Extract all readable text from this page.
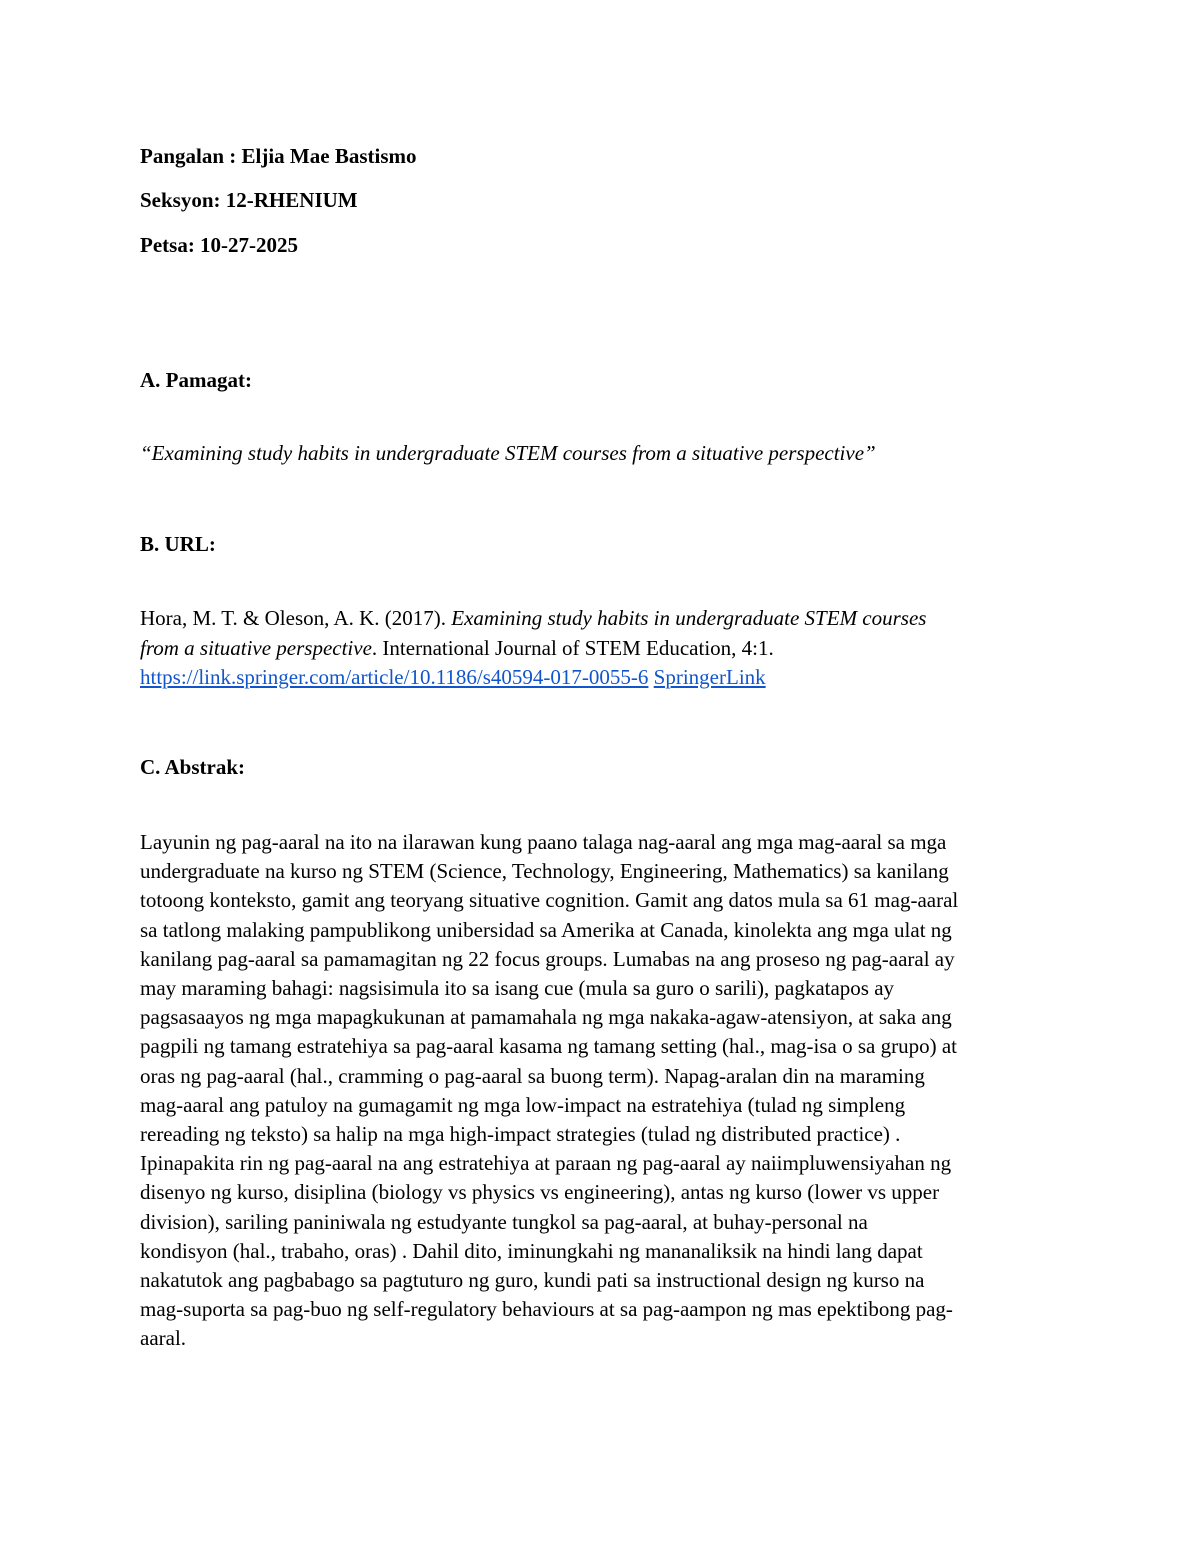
Pangalan : Eljia Mae Bastismo
Seksyon: 12-RHENIUM
Petsa: 10-27-2025
A. Pamagat:
“Examining study habits in undergraduate STEM courses from a situative perspective”
B. URL:
Hora, M. T. & Oleson, A. K. (2017). Examining study habits in undergraduate STEM courses
from a situative perspective. International Journal of STEM Education, 4:1.
https://link.springer.com/article/10.1186/s40594-017-0055-6 SpringerLink
C. Abstrak:
Layunin ng pag-aaral na ito na ilarawan kung paano talaga nag-aaral ang mga mag-aaral sa mga
undergraduate na kurso ng STEM (Science, Technology, Engineering, Mathematics) sa kanilang
totoong konteksto, gamit ang teoryang situative cognition. Gamit ang datos mula sa 61 mag-aaral
sa tatlong malaking pampublikong unibersidad sa Amerika at Canada, kinolekta ang mga ulat ng
kanilang pag-aaral sa pamamagitan ng 22 focus groups. Lumabas na ang proseso ng pag-aaral ay
may maraming bahagi: nagsisimula ito sa isang cue (mula sa guro o sarili), pagkatapos ay
pagsasaayos ng mga mapagkukunan at pamamahala ng mga nakaka-agaw-atensiyon, at saka ang
pagpili ng tamang estratehiya sa pag-aaral kasama ng tamang setting (hal., mag-isa o sa grupo) at
oras ng pag-aaral (hal., cramming o pag-aaral sa buong term). Napag-aralan din na maraming
mag-aaral ang patuloy na gumagamit ng mga low-impact na estratehiya (tulad ng simpleng
rereading ng teksto) sa halip na mga high-impact strategies (tulad ng distributed practice) .
Ipinapakita rin ng pag-aaral na ang estratehiya at paraan ng pag-aaral ay naiimpluwensiyahan ng
disenyo ng kurso, disiplina (biology vs physics vs engineering), antas ng kurso (lower vs upper
division), sariling paniniwala ng estudyante tungkol sa pag-aaral, at buhay-personal na
kondisyon (hal., trabaho, oras) . Dahil dito, iminungkahi ng mananaliksik na hindi lang dapat
nakatutok ang pagbabago sa pagtuturo ng guro, kundi pati sa instructional design ng kurso na
mag-suporta sa pag-buo ng self-regulatory behaviours at sa pag-aampon ng mas epektibong pag-
aaral.
